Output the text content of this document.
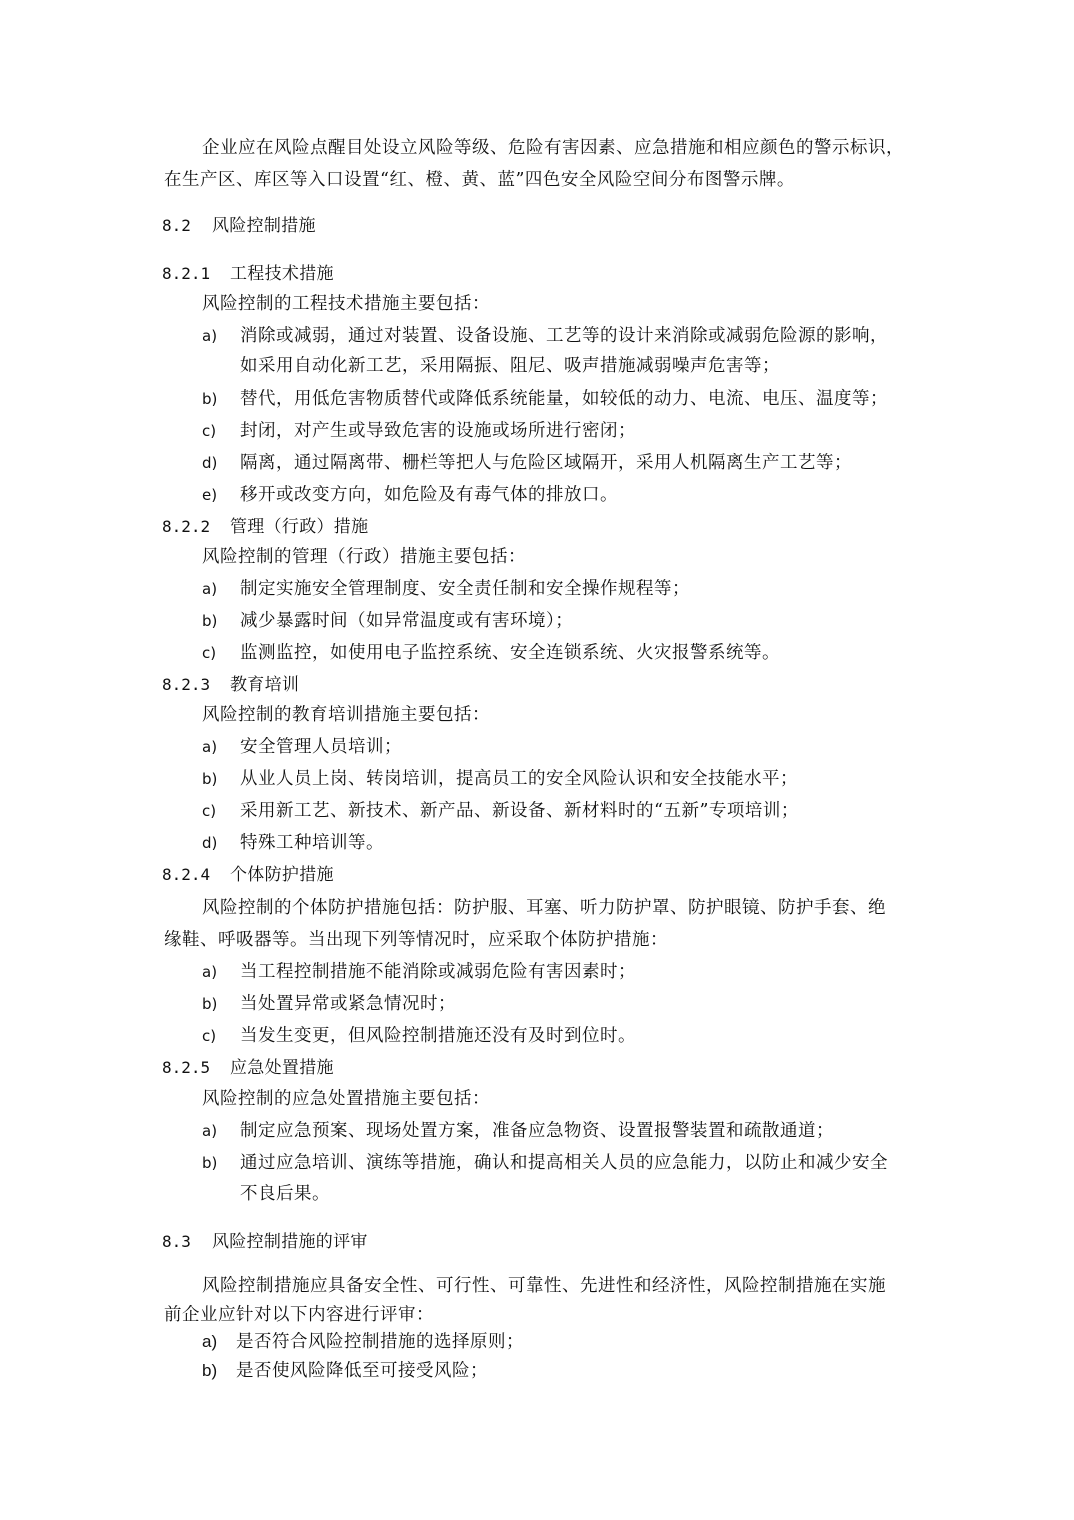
企业应在风险点醒目处设立风险等级、危险有害因素、应急措施和相应颜色的警示标识，
在生产区、库区等入口设置“红、橙、黄、蓝”四色安全风险空间分布图警示牌。
8.2 风险控制措施
8.2.1 工程技术措施
风险控制的工程技术措施主要包括：
a) 消除或减弱，通过对装置、设备设施、工艺等的设计来消除或减弱危险源的影响，
如采用自动化新工艺，采用隔振、阻尼、吸声措施减弱噪声危害等；
b) 替代，用低危害物质替代或降低系统能量，如较低的动力、电流、电压、温度等；
c) 封闭，对产生或导致危害的设施或场所进行密闭；
d) 隔离，通过隔离带、栅栏等把人与危险区域隔开，采用人机隔离生产工艺等；
e) 移开或改变方向，如危险及有毒气体的排放口。
8.2.2 管理（行政）措施
风险控制的管理（行政）措施主要包括：
a) 制定实施安全管理制度、安全责任制和安全操作规程等；
b) 减少暴露时间（如异常温度或有害环境）；
c) 监测监控，如使用电子监控系统、安全连锁系统、火灾报警系统等。
8.2.3 教育培训
风险控制的教育培训措施主要包括：
a) 安全管理人员培训；
b) 从业人员上岗、转岗培训，提高员工的安全风险认识和安全技能水平；
c) 采用新工艺、新技术、新产品、新设备、新材料时的“五新”专项培训；
d) 特殊工种培训等。
8.2.4 个体防护措施
风险控制的个体防护措施包括：防护服、耳塞、听力防护罩、防护眼镜、防护手套、绝
缘鞋、呼吸器等。当出现下列等情况时，应采取个体防护措施：
a) 当工程控制措施不能消除或减弱危险有害因素时；
b) 当处置异常或紧急情况时；
c) 当发生变更，但风险控制措施还没有及时到位时。
8.2.5 应急处置措施
风险控制的应急处置措施主要包括：
a) 制定应急预案、现场处置方案，准备应急物资、设置报警装置和疏散通道；
b) 通过应急培训、演练等措施，确认和提高相关人员的应急能力，以防止和减少安全
不良后果。
8.3 风险控制措施的评审
风险控制措施应具备安全性、可行性、可靠性、先进性和经济性，风险控制措施在实施
前企业应针对以下内容进行评审：
a) 是否符合风险控制措施的选择原则；
b) 是否使风险降低至可接受风险；
